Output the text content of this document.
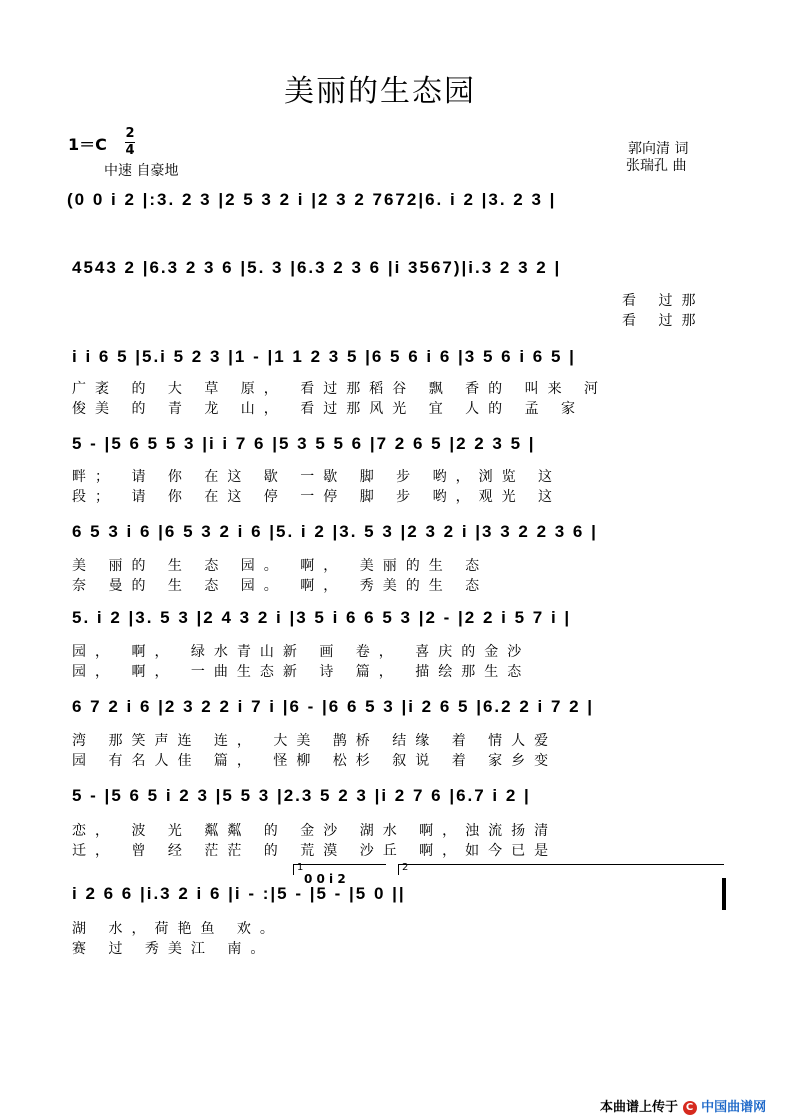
美丽的生态园
1＝C
2
4
中速 自豪地
郭向清 词
张瑞孔 曲
(0 0 i 2 |:3. 2 3 |2 5 3 2 i |2 3 2 7672|6. i 2 |3. 2 3 |
4543 2 |6.3 2 3 6 |5. 3 |6.3 2 3 6 |i 3567)|i.3 2 3 2 |
看 过那
看 过那
i i 6 5 |5.i 5 2 3 |1 - |1 1 2 3 5 |6 5 6 i 6 |3 5 6 i 6 5 |
广袤 的 大 草 原， 看过那稻谷 飘 香的 叫来 河
俊美 的 青 龙 山， 看过那风光 宜 人的 孟 家
5 - |5 6 5 5 3 |i i 7 6 |5 3 5 5 6 |7 2 6 5 |2 2 3 5 |
畔； 请 你 在这 歇 一歇 脚 步 哟，浏览 这
段； 请 你 在这 停 一停 脚 步 哟，观光 这
6 5 3 i 6 |6 5 3 2 i 6 |5. i 2 |3. 5 3 |2 3 2 i |3 3 2 2 3 6 |
美 丽的 生 态 园。 啊， 美丽的生 态
奈 曼的 生 态 园。 啊， 秀美的生 态
5. i 2 |3. 5 3 |2 4 3 2 i |3 5 i 6 6 5 3 |2 - |2 2 i 5 7 i |
园， 啊， 绿水青山新 画 卷， 喜庆的金沙
园， 啊， 一曲生态新 诗 篇， 描绘那生态
6 7 2 i 6 |2 3 2 2 i 7 i |6 - |6 6 5 3 |i 2 6 5 |6.2 2 i 7 2 |
湾 那笑声连 连， 大美 鹊桥 结缘 着 情人爱
园 有名人佳 篇， 怪柳 松杉 叙说 着 家乡变
5 - |5 6 5 i 2 3 |5 5 3 |2.3 5 2 3 |i 2 7 6 |6.7 i 2 |
恋， 波 光 粼粼 的 金沙 湖水 啊，浊流扬清
迁， 曾 经 茫茫 的 荒漠 沙丘 啊，如今已是
i 2 6 6 |i.3 2 i 6 |i - :|5 - |5 - |5 0 ||
湖 水，荷艳鱼 欢。
赛 过 秀美江 南。
1	2
0 0 i 2
本曲谱上传于 C 中国曲谱网
